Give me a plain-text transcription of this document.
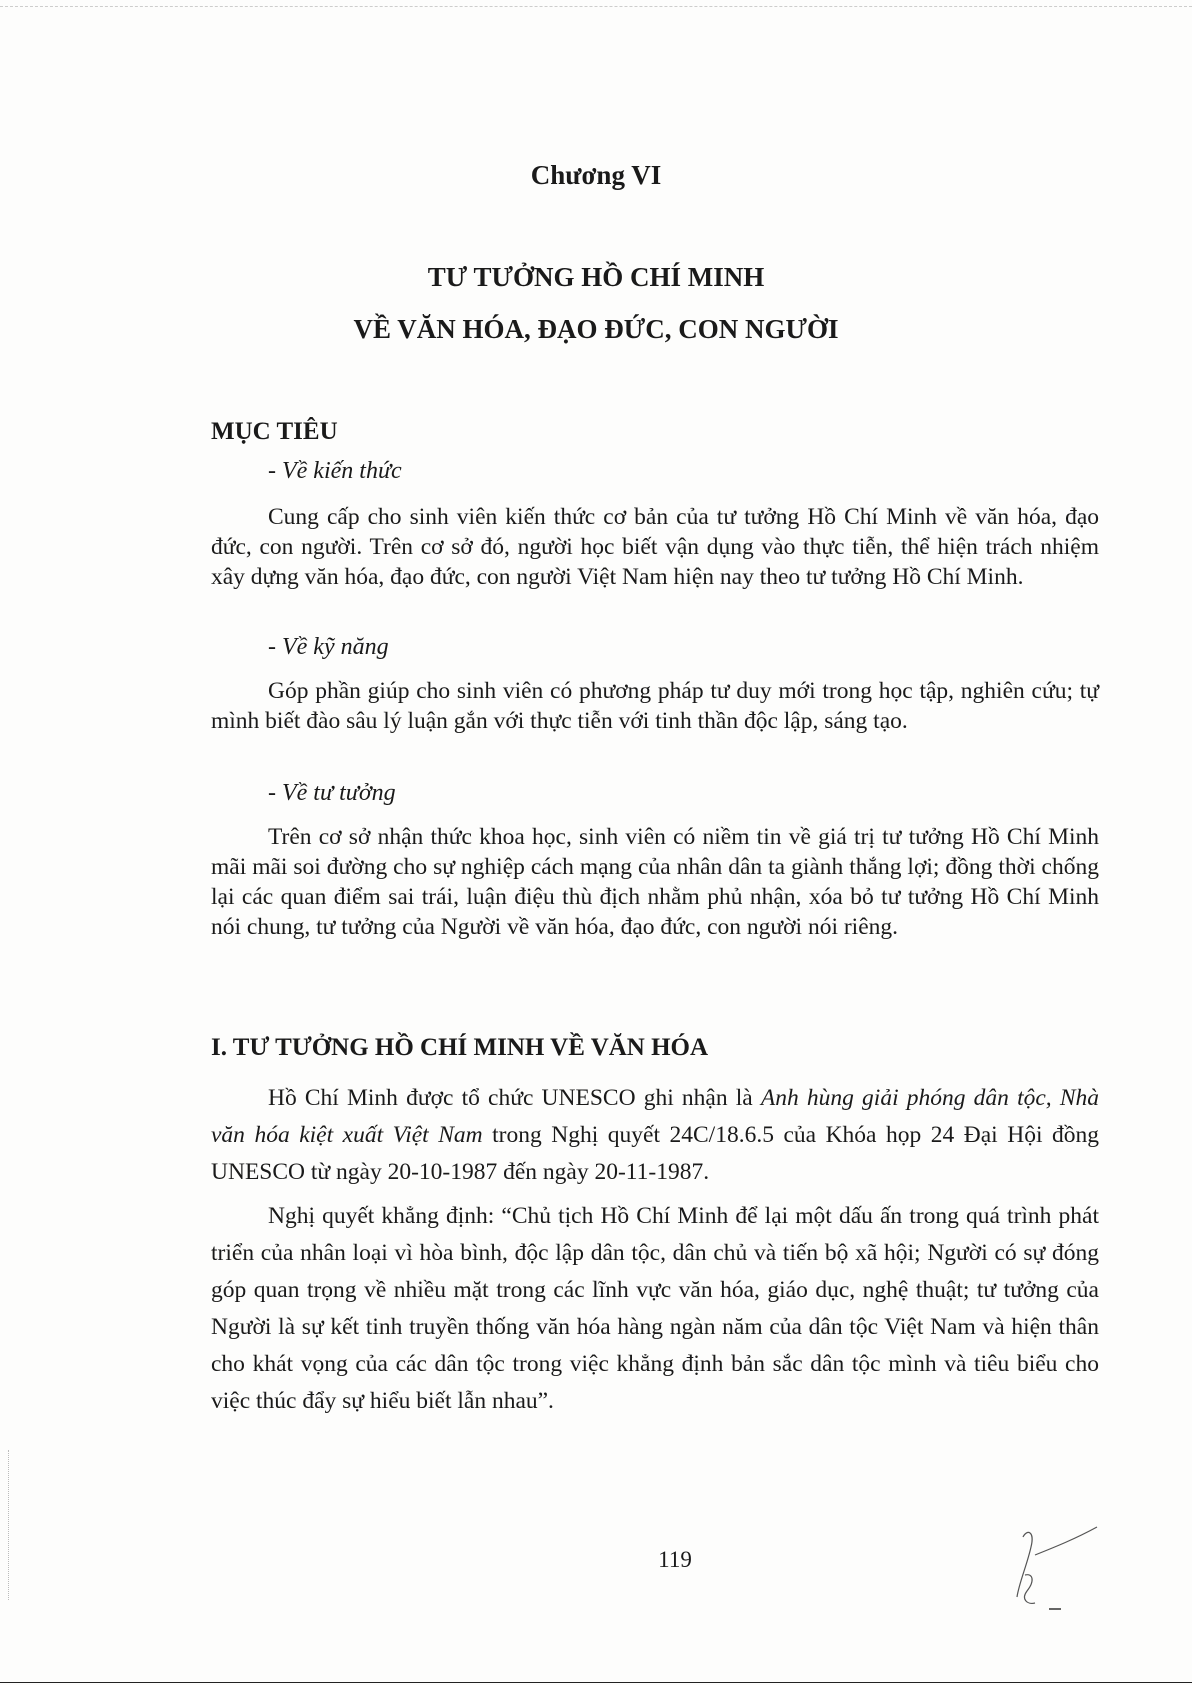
Chương VI
TƯ TƯỞNG HỒ CHÍ MINH
VỀ VĂN HÓA, ĐẠO ĐỨC, CON NGƯỜI
MỤC TIÊU
- Về kiến thức

Cung cấp cho sinh viên kiến thức cơ bản của tư tưởng Hồ Chí Minh về văn hóa, đạo đức, con người. Trên cơ sở đó, người học biết vận dụng vào thực tiễn, thể hiện trách nhiệm xây dựng văn hóa, đạo đức, con người Việt Nam hiện nay theo tư tưởng Hồ Chí Minh.

- Về kỹ năng

Góp phần giúp cho sinh viên có phương pháp tư duy mới trong học tập, nghiên cứu; tự mình biết đào sâu lý luận gắn với thực tiễn với tinh thần độc lập, sáng tạo.

- Về tư tưởng

Trên cơ sở nhận thức khoa học, sinh viên có niềm tin về giá trị tư tưởng Hồ Chí Minh mãi mãi soi đường cho sự nghiệp cách mạng của nhân dân ta giành thắng lợi; đồng thời chống lại các quan điểm sai trái, luận điệu thù địch nhằm phủ nhận, xóa bỏ tư tưởng Hồ Chí Minh nói chung, tư tưởng của Người về văn hóa, đạo đức, con người nói riêng.

I. TƯ TƯỞNG HỒ CHÍ MINH VỀ VĂN HÓA

Hồ Chí Minh được tổ chức UNESCO ghi nhận là Anh hùng giải phóng dân tộc, Nhà văn hóa kiệt xuất Việt Nam trong Nghị quyết 24C/18.6.5 của Khóa họp 24 Đại Hội đồng UNESCO từ ngày 20-10-1987 đến ngày 20-11-1987.

Nghị quyết khẳng định: “Chủ tịch Hồ Chí Minh để lại một dấu ấn trong quá trình phát triển của nhân loại vì hòa bình, độc lập dân tộc, dân chủ và tiến bộ xã hội; Người có sự đóng góp quan trọng về nhiều mặt trong các lĩnh vực văn hóa, giáo dục, nghệ thuật; tư tưởng của Người là sự kết tinh truyền thống văn hóa hàng ngàn năm của dân tộc Việt Nam và hiện thân cho khát vọng của các dân tộc trong việc khẳng định bản sắc dân tộc mình và tiêu biểu cho việc thúc đẩy sự hiểu biết lẫn nhau”.

119
